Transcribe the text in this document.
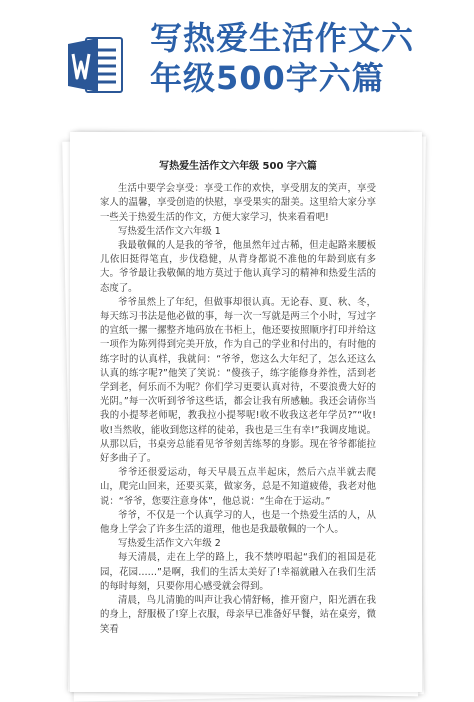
写热爱生活作文六
年级500字六篇
写热爱生活作文六年级 500 字六篇

生活中要学会享受：享受工作的欢快，享受朋友的笑声，享受家人的温馨，享受创造的快慰，享受果实的甜美。这里给大家分享一些关于热爱生活的作文，方便大家学习，快来看看吧!

写热爱生活作文六年级 1

我最敬佩的人是我的爷爷，他虽然年过古稀，但走起路来腰板儿依旧挺得笔直，步伐稳健，从背身都说不准他的年龄到底有多大。爷爷最让我敬佩的地方莫过于他认真学习的精神和热爱生活的态度了。

爷爷虽然上了年纪，但做事却很认真。无论春、夏、秋、冬，每天练习书法是他必做的事，每一次一写就是两三个小时，写过字的宣纸一摞一摞整齐地码放在书柜上，他还要按照顺序打印并给这一项作为陈列得到完美开放，作为自己的学业和付出的，有时他的练字时的认真样，我就问：“爷爷，您这么大年纪了，怎么还这么认真的练字呢?”他笑了笑说：“傻孩子，练字能修身养性，活到老学到老，何乐而不为呢？你们学习更要认真对待，不要浪费大好的光阴。”每一次听到爷爷这些话，都会让我有所感触。我还会请你当我的小提琴老师呢，教我拉小提琴呢!收不收我这老年学员?”“收!收!当然收，能收到您这样的徒弟，我也是三生有幸!”我调皮地说。从那以后，书桌旁总能看见爷爷刻苦练琴的身影。现在爷爷都能拉好多曲子了。

爷爷还很爱运动，每天早晨五点半起床，然后六点半就去爬山，爬完山回来，还要买菜，做家务，总是不知道疲倦，我老对他说：“爷爷，您要注意身体”，他总说：“生命在于运动。”

爷爷，不仅是一个认真学习的人，也是一个热爱生活的人，从他身上学会了许多生活的道理，他也是我最敬佩的一个人。

写热爱生活作文六年级 2

每天清晨，走在上学的路上，我不禁哼唱起“我们的祖国是花园，花园……”是啊，我们的生活太美好了!幸福就融入在我们生活的每时每刻，只要你用心感受就会得到。

清晨，鸟儿清脆的叫声让我心情舒畅，推开窗户，阳光洒在我的身上，舒服极了!穿上衣服，母亲早已准备好早餐，站在桌旁，微笑看
